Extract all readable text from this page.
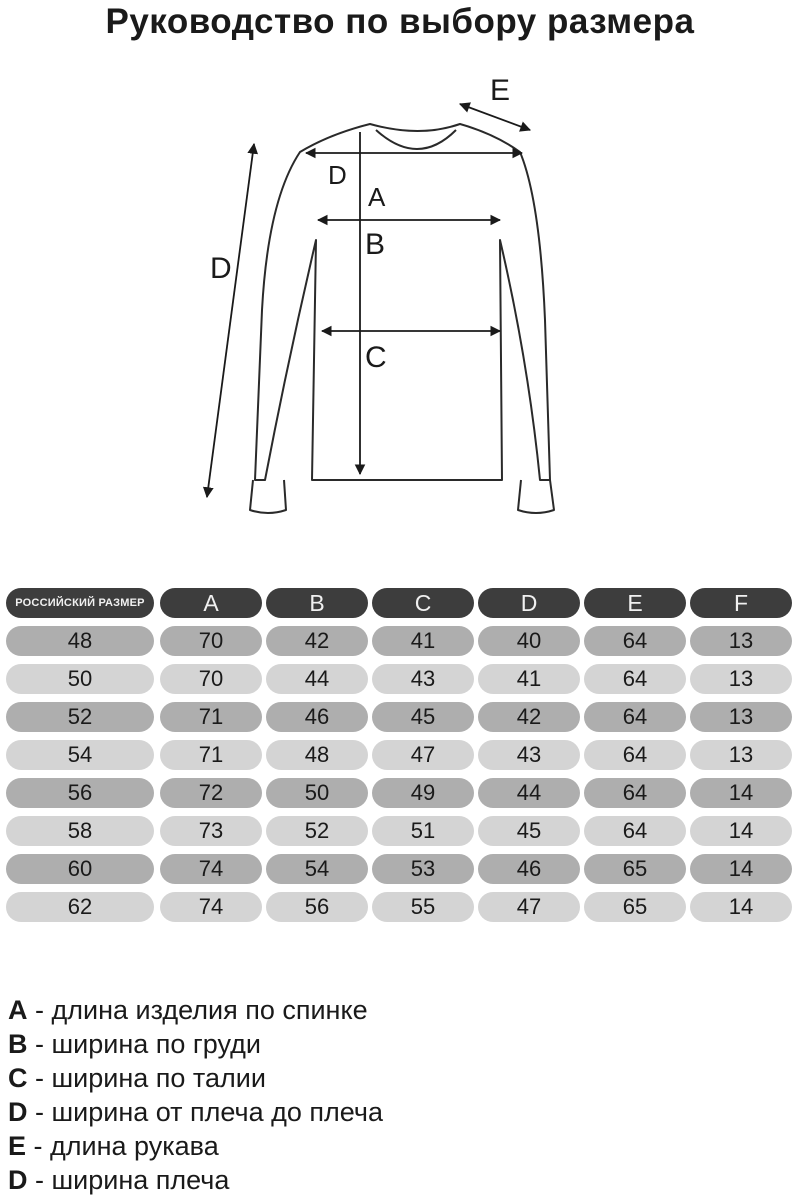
Руководство по выбору размера
D
A
B
C
D
E
РОССИЙСКИЙ РАЗМЕР	A	B	C	D	E	F
48	70	42	41	40	64	13
50	70	44	43	41	64	13
52	71	46	45	42	64	13
54	71	48	47	43	64	13
56	72	50	49	44	64	14
58	73	52	51	45	64	14
60	74	54	53	46	65	14
62	74	56	55	47	65	14
A - длина изделия по спинке
B - ширина по груди
C - ширина по талии
D - ширина от плеча до плеча
E - длина рукава
D - ширина плеча
